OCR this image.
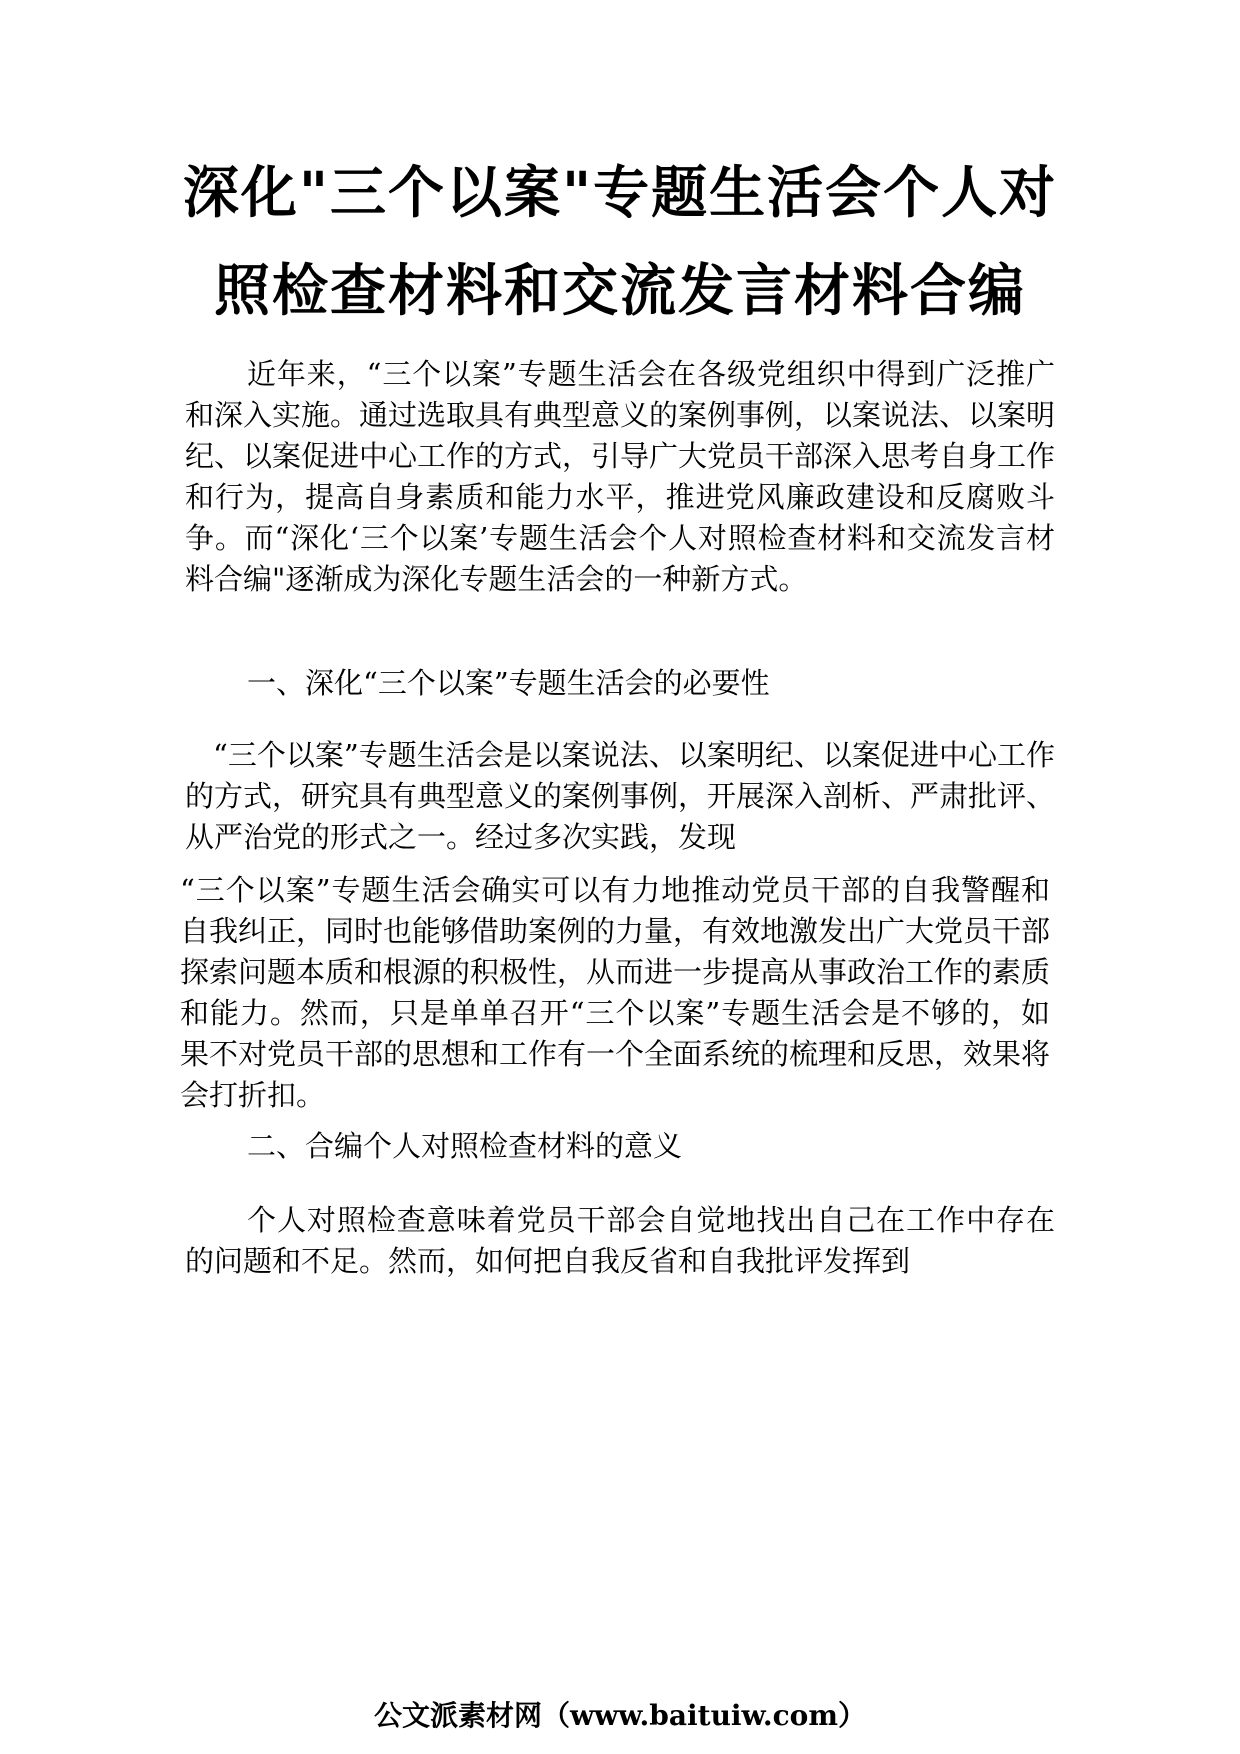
深化"三个以案"专题生活会个人对
照检查材料和交流发言材料合编

近年来，“三个以案”专题生活会在各级党组织中得到广泛推广和深入实施。通过选取具有典型意义的案例事例，以案说法、以案明纪、以案促进中心工作的方式，引导广大党员干部深入思考自身工作和行为，提高自身素质和能力水平，推进党风廉政建设和反腐败斗争。而“深化‘三个以案’专题生活会个人对照检查材料和交流发言材料合编"逐渐成为深化专题生活会的一种新方式。

一、深化“三个以案”专题生活会的必要性

“三个以案”专题生活会是以案说法、以案明纪、以案促进中心工作的方式，研究具有典型意义的案例事例，开展深入剖析、严肃批评、从严治党的形式之一。经过多次实践，发现

“三个以案”专题生活会确实可以有力地推动党员干部的自我警醒和自我纠正，同时也能够借助案例的力量，有效地激发出广大党员干部探索问题本质和根源的积极性，从而进一步提高从事政治工作的素质和能力。然而，只是单单召开“三个以案”专题生活会是不够的，如果不对党员干部的思想和工作有一个全面系统的梳理和反思，效果将会打折扣。

二、合编个人对照检查材料的意义

个人对照检查意味着党员干部会自觉地找出自己在工作中存在的问题和不足。然而，如何把自我反省和自我批评发挥到

公文派素材网（www.baituiw.com）
